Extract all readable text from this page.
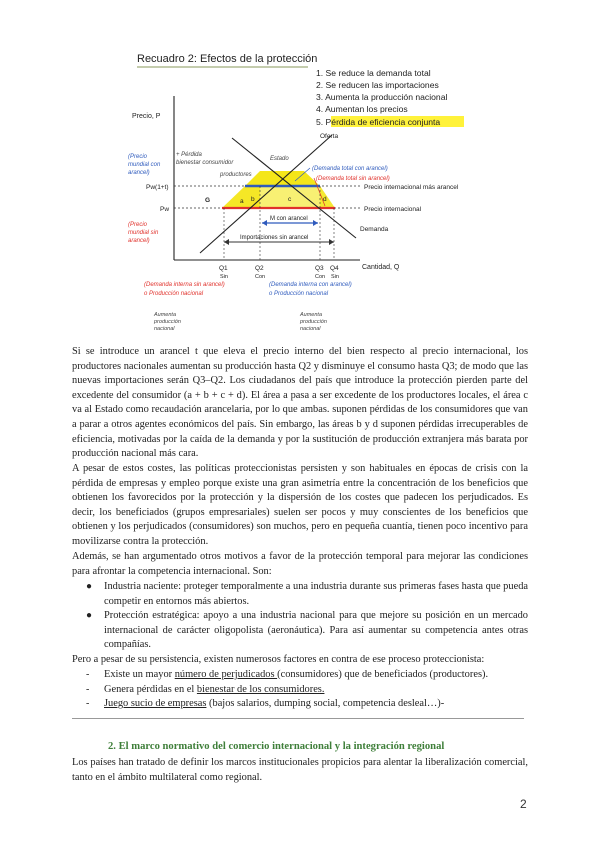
Recuadro 2: Efectos de la protección
1. Se reduce la demanda total
2. Se reducen las importaciones
3. Aumenta la producción nacional
4. Aumentan los precios
5. Pérdida de eficiencia conjunta
Precio, P
Cantidad, Q
Precio internacional más arancel
Precio internacional
Pw(1+t)
Pw
Oferta
Demanda
G	a b	c	d
M con arancel
Importaciones sin arancel
Q1
Sin
Q2
Con
Q3
Con
Q4
Sin
(Precio
mundial con
arancel)
(Precio
mundial sin
arancel)
(Demanda total con arancel)
(Demanda total sin arancel)
(Demanda interna sin arancel)
o Producción nacional
(Demanda interna con arancel)
o Producción nacional
+ Pérdida
bienestar consumidor
productores
Estado
Aumenta
producción
nacional
Aumenta
producción
nacional

Si se introduce un arancel t que eleva el precio interno del bien respecto al precio internacional, los productores nacionales aumentan su producción hasta Q2 y disminuye el consumo hasta Q3; de modo que las nuevas importaciones serán Q3–Q2. Los ciudadanos del país que introduce la protección pierden parte del excedente del consumidor (a + b + c + d). El área a pasa a ser excedente de los productores locales, el área c va al Estado como recaudación arancelaria, por lo que ambas. suponen pérdidas de los consumidores que van a parar a otros agentes económicos del país. Sin embargo, las áreas b y d suponen pérdidas irrecuperables de eficiencia, motivadas por la caída de la demanda y por la sustitución de producción extranjera más barata por producción nacional más cara.

A pesar de estos costes, las políticas proteccionistas persisten y son habituales en épocas de crisis con la pérdida de empresas y empleo porque existe una gran asimetría entre la concentración de los beneficios que obtienen los favorecidos por la protección y la dispersión de los costes que padecen los perjudicados. Es decir, los beneficiados (grupos empresariales) suelen ser pocos y muy conscientes de los beneficios que obtienen y los perjudicados (consumidores) son muchos, pero en pequeña cuantía, tienen poco incentivo para movilizarse contra la protección.

Además, se han argumentado otros motivos a favor de la protección temporal para mejorar las condiciones para afrontar la competencia internacional. Son:

● Industria naciente: proteger temporalmente a una industria durante sus primeras fases hasta que pueda competir en entornos más abiertos.
● Protección estratégica: apoyo a una industria nacional para que mejore su posición en un mercado internacional de carácter oligopolista (aeronáutica). Para así aumentar su competencia antes otras compañías.

Pero a pesar de su persistencia, existen numerosos factores en contra de ese proceso proteccionista:

- Existe un mayor número de perjudicados (consumidores) que de beneficiados (productores).
- Genera pérdidas en el bienestar de los consumidores.
- Juego sucio de empresas (bajos salarios, dumping social, competencia desleal…)-
2. El marco normativo del comercio internacional y la integración regional

Los países han tratado de definir los marcos institucionales propicios para alentar la liberalización comercial, tanto en el ámbito multilateral como regional.

2
